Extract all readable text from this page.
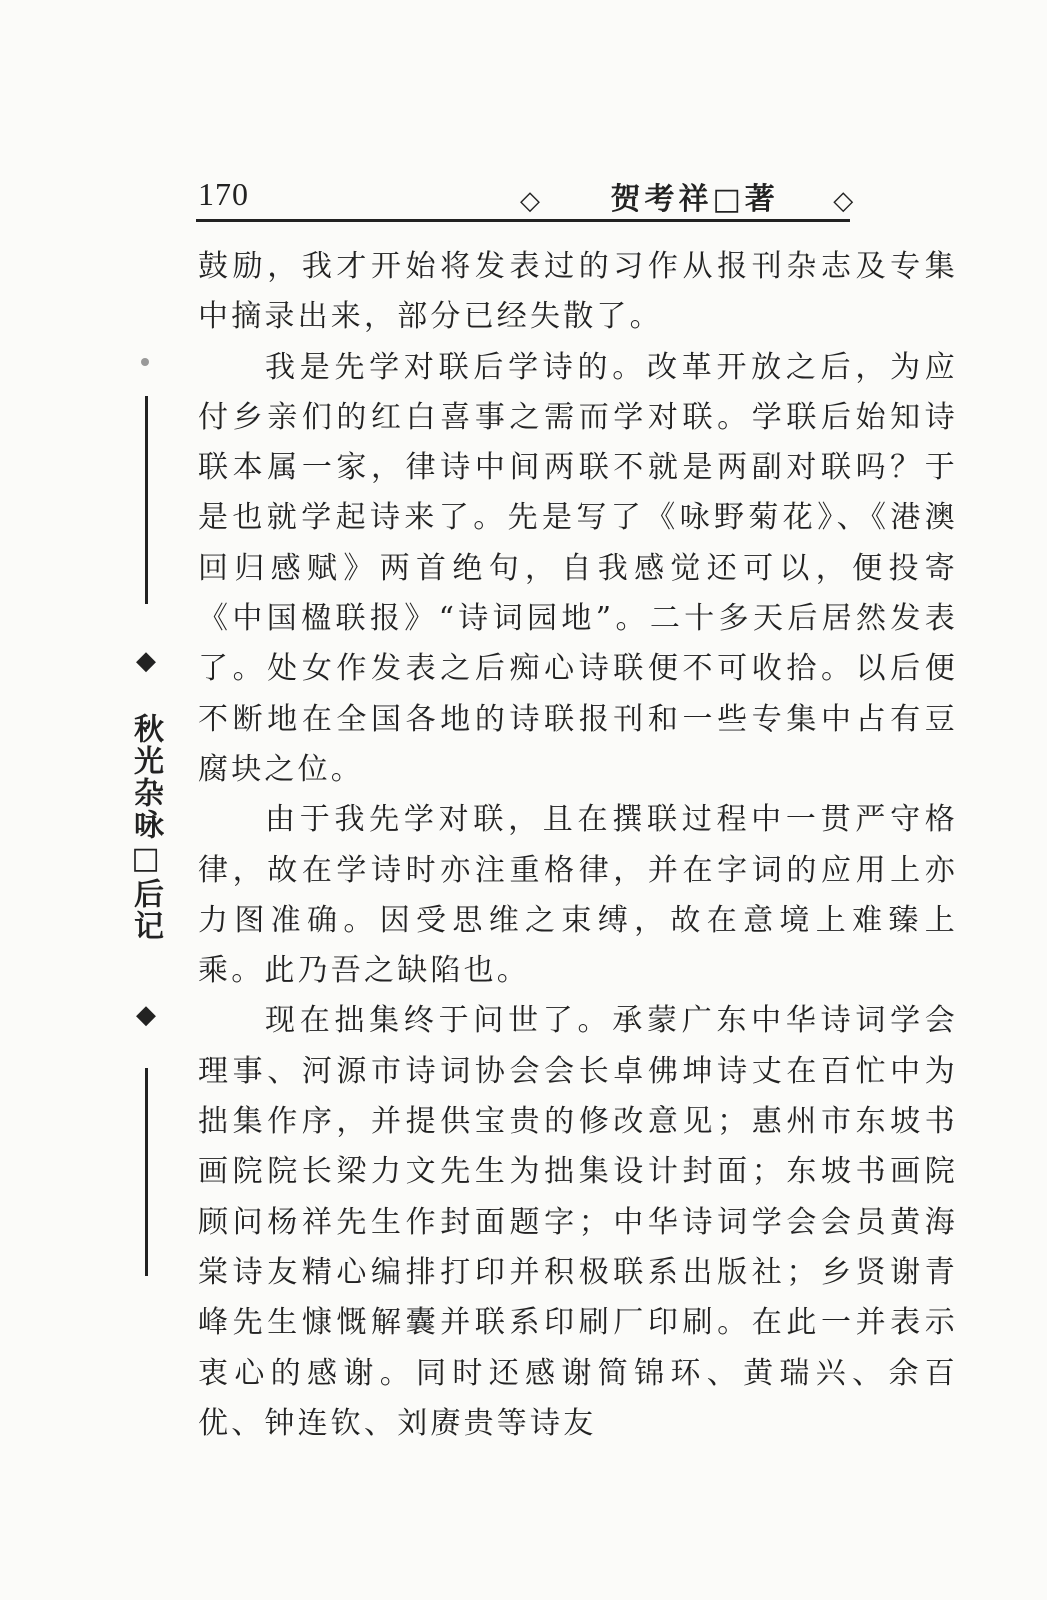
170	◇ 贺考祥□著 ◇
◆
秋光杂咏□后记
◆

鼓励，我才开始将发表过的习作从报刊杂志及专集中摘录出来，部分已经失散了。

我是先学对联后学诗的。改革开放之后，为应付乡亲们的红白喜事之需而学对联。学联后始知诗联本属一家，律诗中间两联不就是两副对联吗？于是也就学起诗来了。先是写了《咏野菊花》、《港澳回归感赋》两首绝句，自我感觉还可以，便投寄《中国楹联报》“诗词园地”。二十多天后居然发表了。处女作发表之后痴心诗联便不可收拾。以后便不断地在全国各地的诗联报刊和一些专集中占有豆腐块之位。

由于我先学对联，且在撰联过程中一贯严守格律，故在学诗时亦注重格律，并在字词的应用上亦力图准确。因受思维之束缚，故在意境上难臻上乘。此乃吾之缺陷也。

现在拙集终于问世了。承蒙广东中华诗词学会理事、河源市诗词协会会长卓佛坤诗丈在百忙中为拙集作序，并提供宝贵的修改意见；惠州市东坡书画院院长梁力文先生为拙集设计封面；东坡书画院顾问杨祥先生作封面题字；中华诗词学会会员黄海棠诗友精心编排打印并积极联系出版社；乡贤谢青峰先生慷慨解囊并联系印刷厂印刷。在此一并表示衷心的感谢。同时还感谢简锦环、黄瑞兴、余百优、钟连钦、刘赓贵等诗友
